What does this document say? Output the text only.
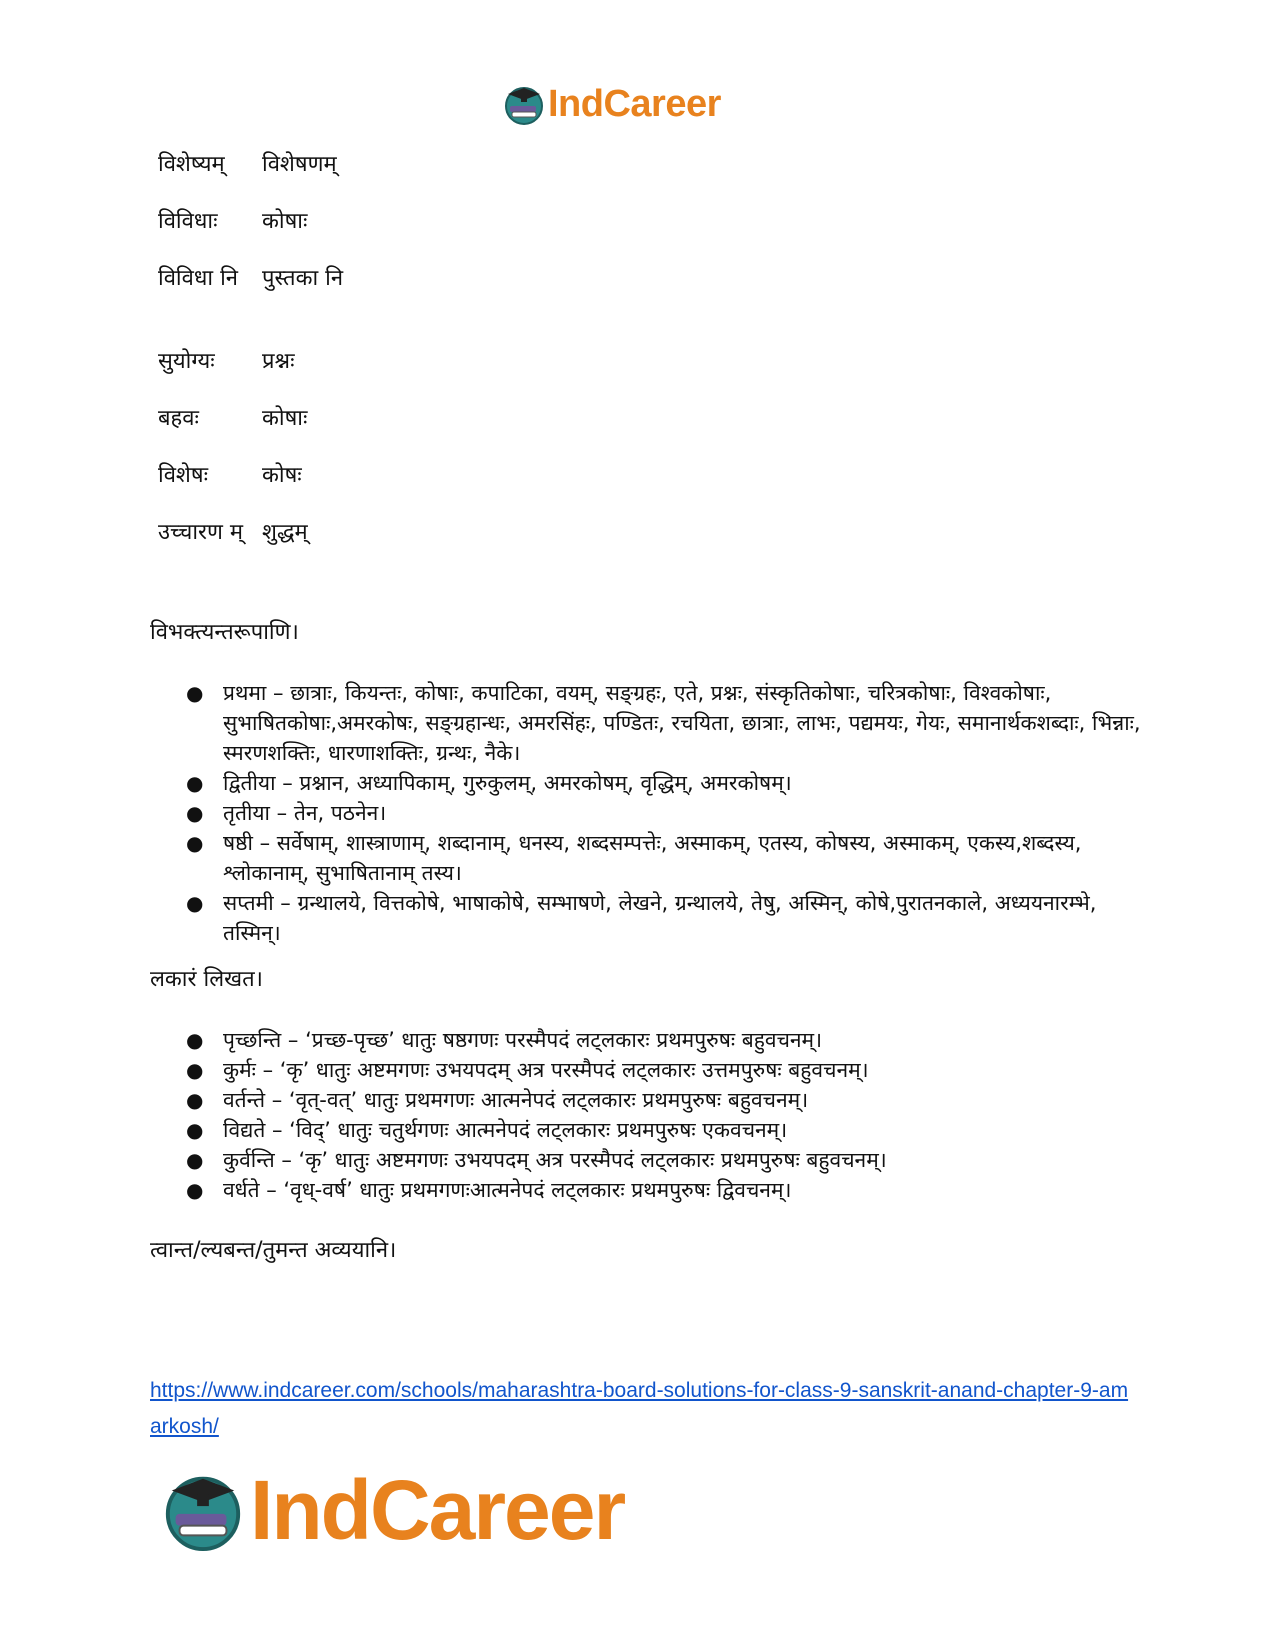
IndCareer
विशेष्यम्	विशेषणम्
विविधाः	कोषाः
विविधा नि	पुस्तका नि
सुयोग्यः	प्रश्नः
बहवः	कोषाः
विशेषः	कोषः
उच्चारण म्	शुद्धम्

विभक्त्यन्तरूपाणि।

● प्रथमा – छात्राः, कियन्तः, कोषाः, कपाटिका, वयम्, सङ्ग्रहः, एते, प्रश्नः, संस्कृतिकोषाः, चरित्रकोषाः, विश्वकोषाः, सुभाषितकोषाः,अमरकोषः, सङ्ग्रहान्धः, अमरसिंहः, पण्डितः, रचयिता, छात्राः, लाभः, पद्यमयः, गेयः, समानार्थकशब्दाः, भिन्नाः, स्मरणशक्तिः, धारणाशक्तिः, ग्रन्थः, नैके।
● द्वितीया – प्रश्नान, अध्यापिकाम्, गुरुकुलम्, अमरकोषम्, वृद्धिम्, अमरकोषम्।
● तृतीया – तेन, पठनेन।
● षष्ठी – सर्वेषाम्, शास्त्राणाम्, शब्दानाम्, धनस्य, शब्दसम्पत्तेः, अस्माकम्, एतस्य, कोषस्य, अस्माकम्, एकस्य,शब्दस्य, श्लोकानाम्, सुभाषितानाम् तस्य।
● सप्तमी – ग्रन्थालये, वित्तकोषे, भाषाकोषे, सम्भाषणे, लेखने, ग्रन्थालये, तेषु, अस्मिन्, कोषे,पुरातनकाले, अध्ययनारम्भे, तस्मिन्।

लकारं लिखत।

● पृच्छन्ति – ‘प्रच्छ-पृच्छ’ धातुः षष्ठगणः परस्मैपदं लट्लकारः प्रथमपुरुषः बहुवचनम्।
● कुर्मः – ‘कृ’ धातुः अष्टमगणः उभयपदम् अत्र परस्मैपदं लट्लकारः उत्तमपुरुषः बहुवचनम्।
● वर्तन्ते – ‘वृत्-वत्’ धातुः प्रथमगणः आत्मनेपदं लट्लकारः प्रथमपुरुषः बहुवचनम्।
● विद्यते – ‘विद्’ धातुः चतुर्थगणः आत्मनेपदं लट्लकारः प्रथमपुरुषः एकवचनम्।
● कुर्वन्ति – ‘कृ’ धातुः अष्टमगणः उभयपदम् अत्र परस्मैपदं लट्लकारः प्रथमपुरुषः बहुवचनम्।
● वर्धते – ‘वृध्-वर्ष’ धातुः प्रथमगणःआत्मनेपदं लट्लकारः प्रथमपुरुषः द्विवचनम्।

त्वान्त/ल्यबन्त/तुमन्त अव्ययानि।

https://www.indcareer.com/schools/maharashtra-board-solutions-for-class-9-sanskrit-anand-chapter-9-amarkosh/
IndCareer
